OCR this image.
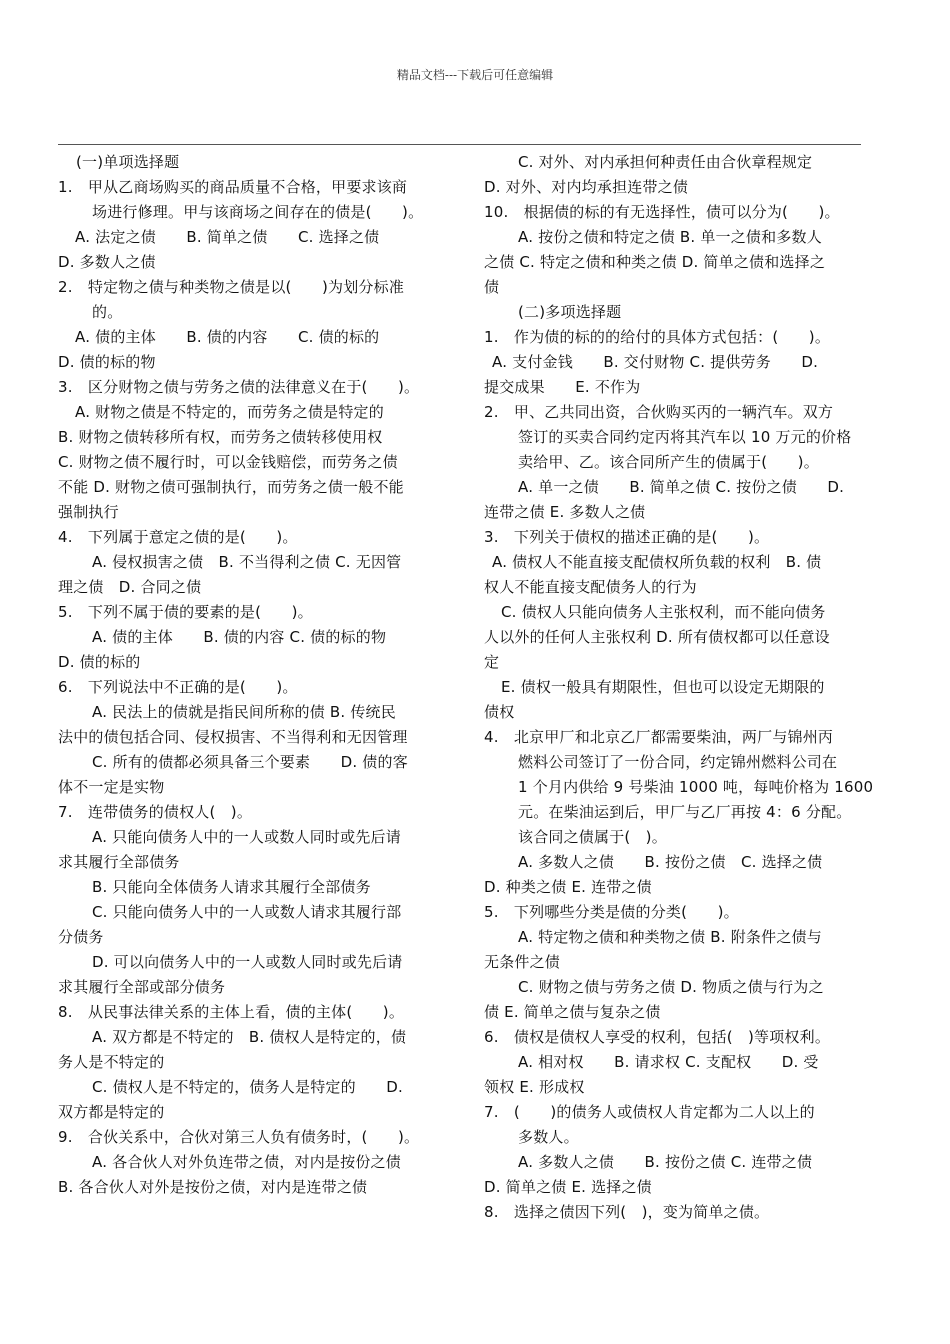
精品文档---下载后可任意编辑
(一)单项选择题
1.　甲从乙商场购买的商品质量不合格，甲要求该商
场进行修理。甲与该商场之间存在的债是(　　)。
A. 法定之债　　B. 简单之债　　C. 选择之债
D. 多数人之债
2.　特定物之债与种类物之债是以(　　)为划分标准
的。
A. 债的主体　　B. 债的内容　　C. 债的标的
D. 债的标的物
3.　区分财物之债与劳务之债的法律意义在于(　　)。
A. 财物之债是不特定的，而劳务之债是特定的
B. 财物之债转移所有权，而劳务之债转移使用权
C. 财物之债不履行时，可以金钱赔偿，而劳务之债
不能 D. 财物之债可强制执行，而劳务之债一般不能
强制执行
4.　下列属于意定之债的是(　　)。
A. 侵权损害之债　B. 不当得利之债 C. 无因管
理之债　D. 合同之债
5.　下列不属于债的要素的是(　　)。
A. 债的主体　　B. 债的内容 C. 债的标的物
D. 债的标的
6.　下列说法中不正确的是(　　)。
A. 民法上的债就是指民间所称的债 B. 传统民
法中的债包括合同、侵权损害、不当得利和无因管理
C. 所有的债都必须具备三个要素　　D. 债的客
体不一定是实物
7.　连带债务的债权人(　)。
A. 只能向债务人中的一人或数人同时或先后请
求其履行全部债务
B. 只能向全体债务人请求其履行全部债务
C. 只能向债务人中的一人或数人请求其履行部
分债务
D. 可以向债务人中的一人或数人同时或先后请
求其履行全部或部分债务
8.　从民事法律关系的主体上看，债的主体(　　)。
A. 双方都是不特定的　B. 债权人是特定的，债
务人是不特定的
C. 债权人是不特定的，债务人是特定的　　D.
双方都是特定的
9.　合伙关系中，合伙对第三人负有债务时，(　　)。
A. 各合伙人对外负连带之债，对内是按份之债
B. 各合伙人对外是按份之债，对内是连带之债
C. 对外、对内承担何种责任由合伙章程规定
D. 对外、对内均承担连带之债
10.　根据债的标的有无选择性，债可以分为(　　)。
A. 按份之债和特定之债 B. 单一之债和多数人
之债 C. 特定之债和种类之债 D. 简单之债和选择之
债
(二)多项选择题
1.　作为债的标的的给付的具体方式包括：(　　)。
A. 支付金钱　　B. 交付财物 C. 提供劳务　　D.
提交成果　　E. 不作为
2.　甲、乙共同出资，合伙购买丙的一辆汽车。双方
签订的买卖合同约定丙将其汽车以 10 万元的价格
卖给甲、乙。该合同所产生的债属于(　　)。
A. 单一之债　　B. 简单之债 C. 按份之债　　D.
连带之债 E. 多数人之债
3.　下列关于债权的描述正确的是(　　)。
A. 债权人不能直接支配债权所负载的权利　B. 债
权人不能直接支配债务人的行为
C. 债权人只能向债务人主张权利，而不能向债务
人以外的任何人主张权利 D. 所有债权都可以任意设
定
E. 债权一般具有期限性，但也可以设定无期限的
债权
4.　北京甲厂和北京乙厂都需要柴油，两厂与锦州丙
燃料公司签订了一份合同，约定锦州燃料公司在
1 个月内供给 9 号柴油 1000 吨，每吨价格为 1600
元。在柴油运到后，甲厂与乙厂再按 4：6 分配。
该合同之债属于(　)。
A. 多数人之债　　B. 按份之债　C. 选择之债
D. 种类之债 E. 连带之债
5.　下列哪些分类是债的分类(　　)。
A. 特定物之债和种类物之债 B. 附条件之债与
无条件之债
C. 财物之债与劳务之债 D. 物质之债与行为之
债 E. 简单之债与复杂之债
6.　债权是债权人享受的权利，包括(　)等项权利。
A. 相对权　　B. 请求权 C. 支配权　　D. 受
领权 E. 形成权
7.　(　　)的债务人或债权人肯定都为二人以上的
多数人。
A. 多数人之债　　B. 按份之债 C. 连带之债
D. 简单之债 E. 选择之债
8.　选择之债因下列(　)，变为简单之债。
